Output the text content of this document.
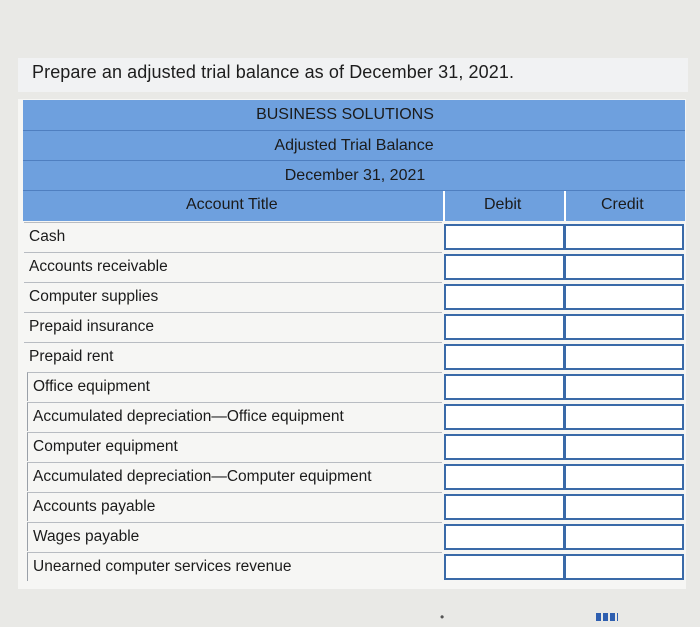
Prepare an adjusted trial balance as of December 31, 2021.
BUSINESS SOLUTIONS
Adjusted Trial Balance
December 31, 2021
Account Title	Debit	Credit
Cash
Accounts receivable
Computer supplies
Prepaid insurance
Prepaid rent
Office equipment
Accumulated depreciation—Office equipment
Computer equipment
Accumulated depreciation—Computer equipment
Accounts payable
Wages payable
Unearned computer services revenue
•
